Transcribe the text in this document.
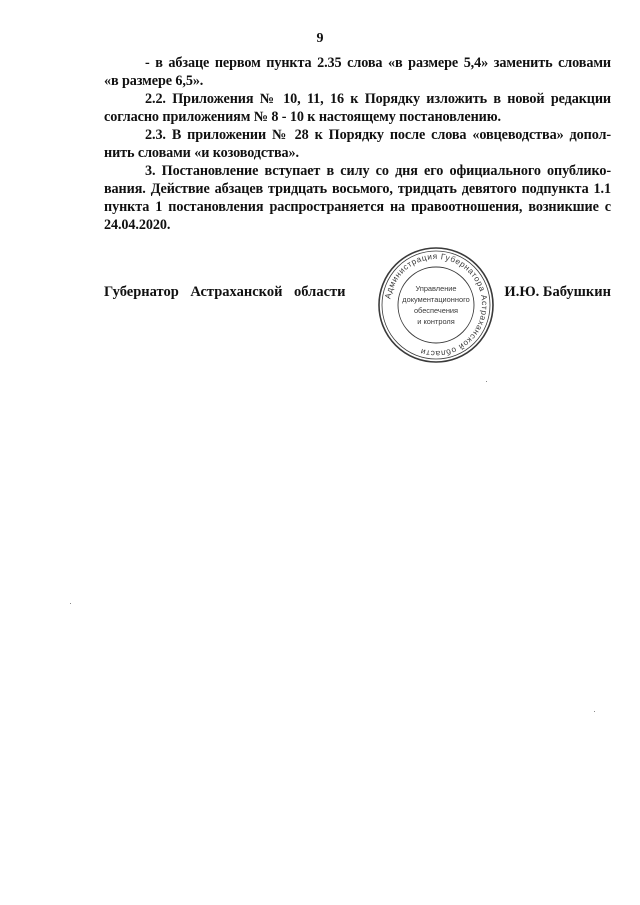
9
- в абзаце первом пункта 2.35 слова «в размере 5,4» заменить словами
«в размере 6,5».
2.2. Приложения № 10, 11, 16 к Порядку изложить в новой редакции
согласно приложениям № 8 - 10 к настоящему постановлению.
2.3. В приложении № 28 к Порядку после слова «овцеводства» допол-
нить словами «и козоводства».
3. Постановление вступает в силу со дня его официального опублико-
вания. Действие абзацев тридцать восьмого, тридцать девятого подпункта 1.1
пункта 1 постановления распространяется на правоотношения, возникшие с
24.04.2020.
Губернатор Астраханской области	И.Ю. Бабушкин
Администрация Губернатора Астраханской области
Управление
документационного
обеспечения
и контроля
